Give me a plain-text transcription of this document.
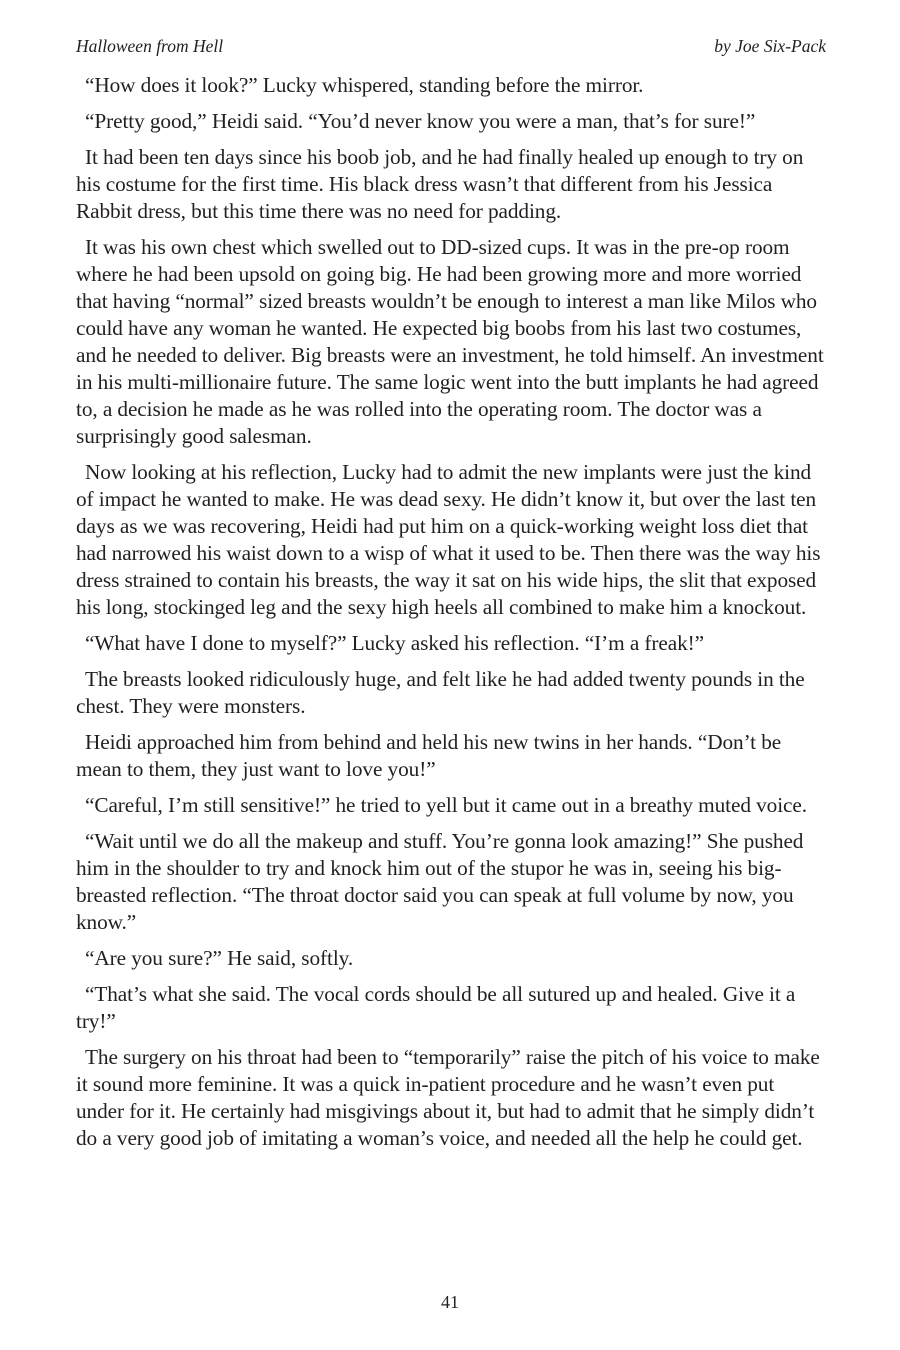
Halloween from Hell	by Joe Six-Pack

“How does it look?” Lucky whispered, standing before the mirror.

“Pretty good,” Heidi said. “You’d never know you were a man, that’s for sure!”

It had been ten days since his boob job, and he had finally healed up enough to try on his costume for the first time. His black dress wasn’t that different from his Jessica Rabbit dress, but this time there was no need for padding.

It was his own chest which swelled out to DD-sized cups. It was in the pre-op room where he had been upsold on going big. He had been growing more and more worried that having “normal” sized breasts wouldn’t be enough to interest a man like Milos who could have any woman he wanted. He expected big boobs from his last two costumes, and he needed to deliver. Big breasts were an investment, he told himself. An investment in his multi-millionaire future. The same logic went into the butt implants he had agreed to, a decision he made as he was rolled into the operating room. The doctor was a surprisingly good salesman.

Now looking at his reflection, Lucky had to admit the new implants were just the kind of impact he wanted to make. He was dead sexy. He didn’t know it, but over the last ten days as we was recovering, Heidi had put him on a quick-working weight loss diet that had narrowed his waist down to a wisp of what it used to be. Then there was the way his dress strained to contain his breasts, the way it sat on his wide hips, the slit that exposed his long, stockinged leg and the sexy high heels all combined to make him a knockout.

“What have I done to myself?” Lucky asked his reflection. “I’m a freak!”

The breasts looked ridiculously huge, and felt like he had added twenty pounds in the chest. They were monsters.

Heidi approached him from behind and held his new twins in her hands. “Don’t be mean to them, they just want to love you!”

“Careful, I’m still sensitive!” he tried to yell but it came out in a breathy muted voice.

“Wait until we do all the makeup and stuff. You’re gonna look amazing!” She pushed him in the shoulder to try and knock him out of the stupor he was in, seeing his big-breasted reflection. “The throat doctor said you can speak at full volume by now, you know.”

“Are you sure?” He said, softly.

“That’s what she said. The vocal cords should be all sutured up and healed. Give it a try!”

The surgery on his throat had been to “temporarily” raise the pitch of his voice to make it sound more feminine. It was a quick in-patient procedure and he wasn’t even put under for it. He certainly had misgivings about it, but had to admit that he simply didn’t do a very good job of imitating a woman’s voice, and needed all the help he could get.

41
